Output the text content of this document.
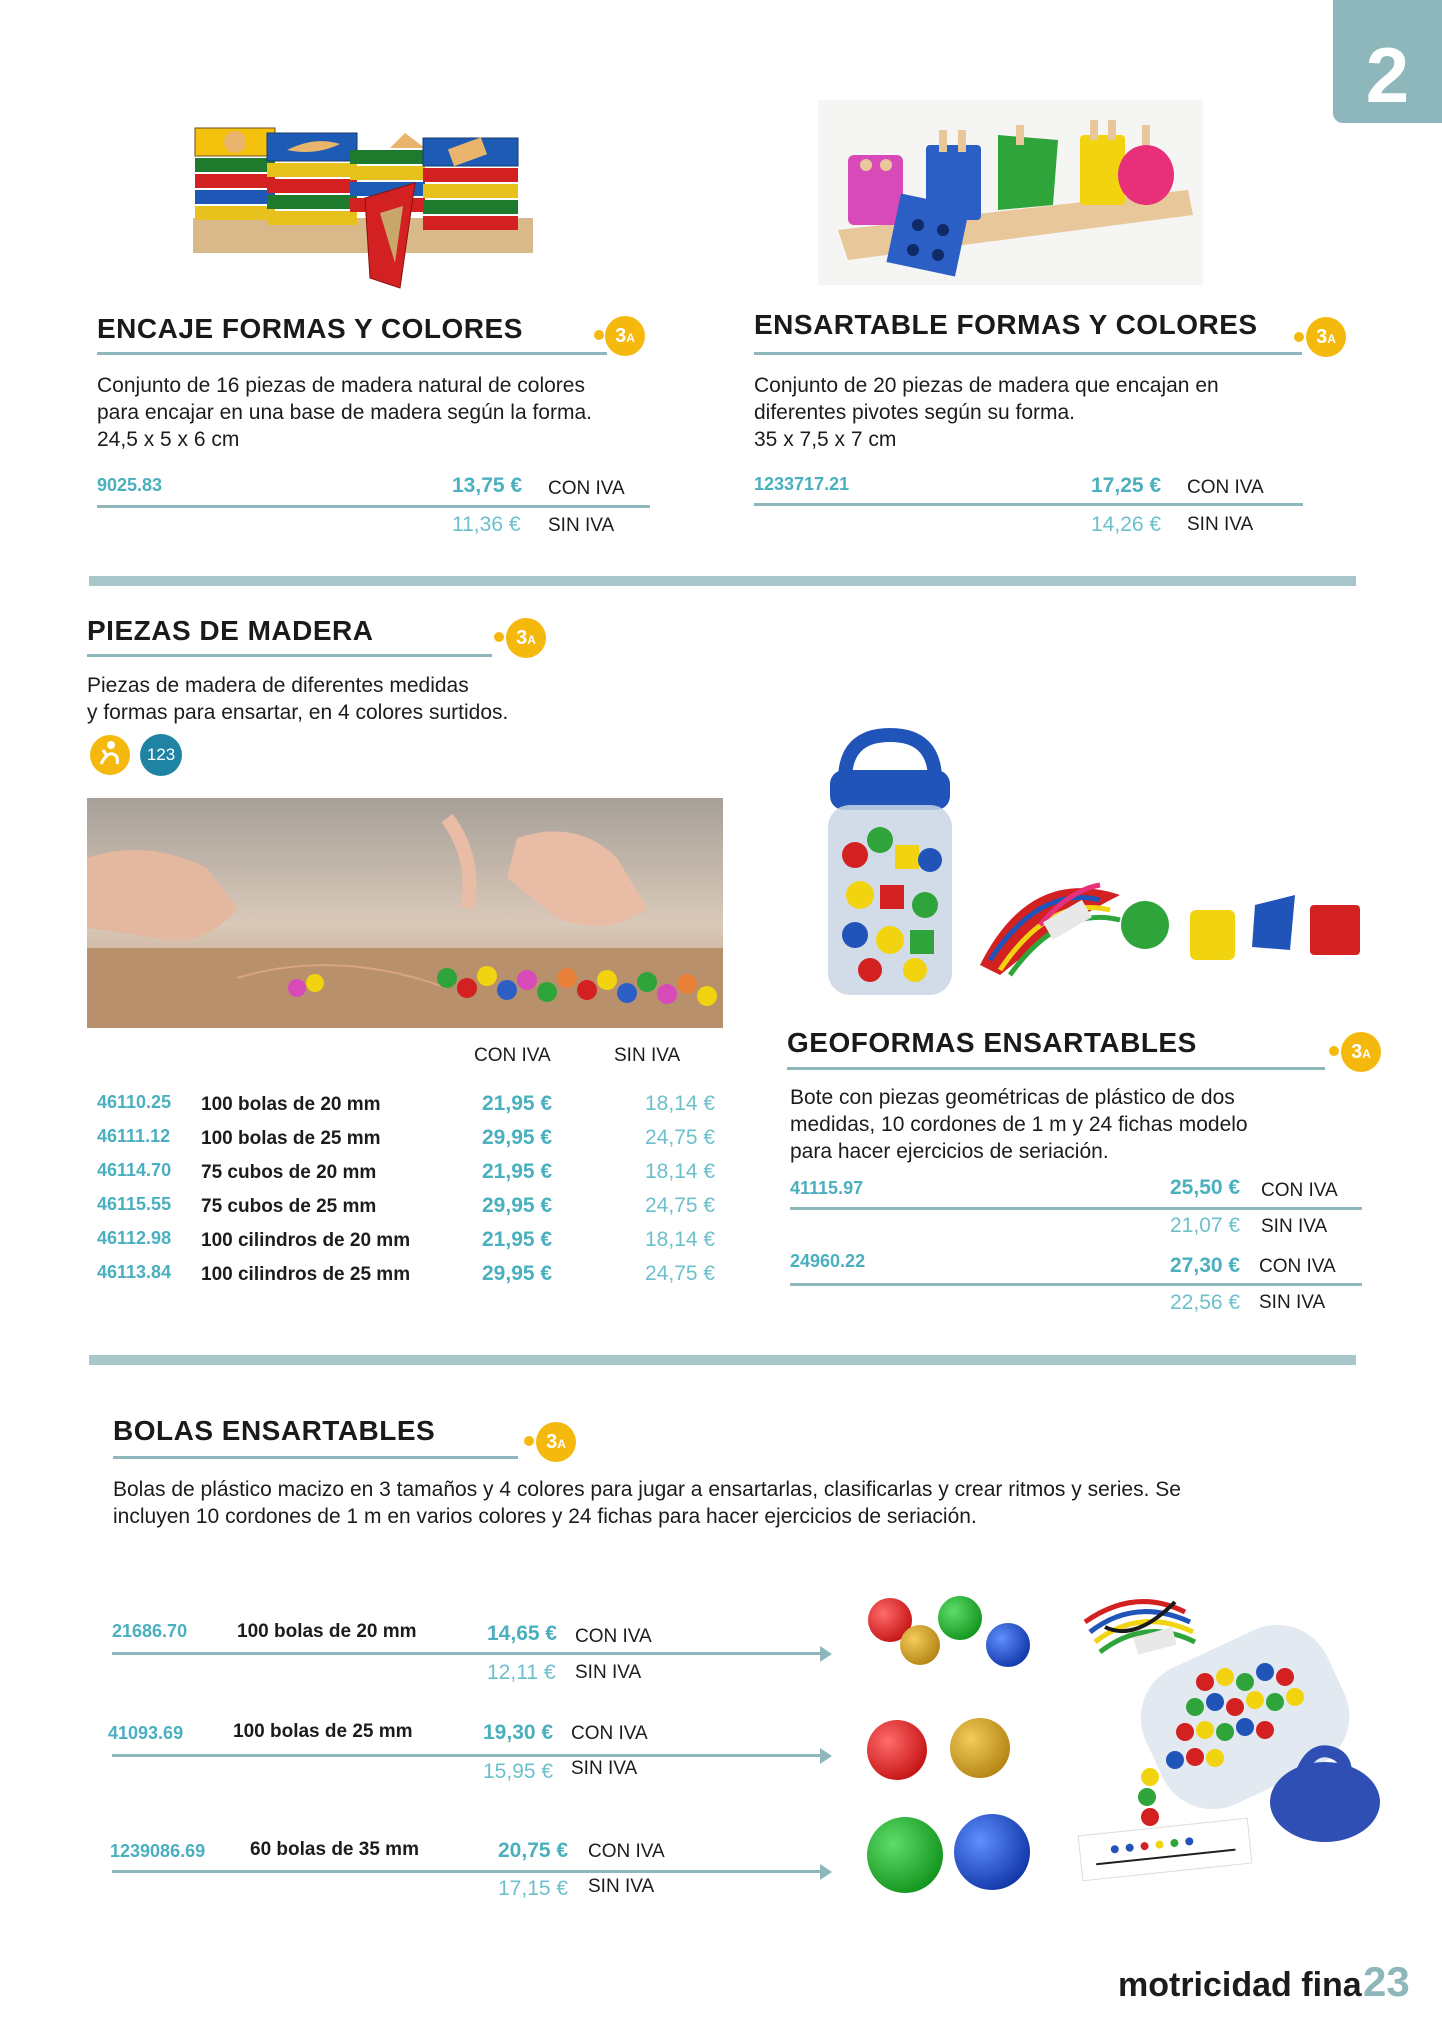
2
ENCAJE FORMAS Y COLORES	3A
Conjunto de 16 piezas de madera natural de colores
para encajar en una base de madera según la forma.
24,5 x 5 x 6 cm
9025.83	13,75 € CON IVA
11,36 € SIN IVA
ENSARTABLE FORMAS Y COLORES	3A
Conjunto de 20 piezas de madera que encajan en
diferentes pivotes según su forma.
35 x 7,5 x 7 cm
1233717.21	17,25 € CON IVA
14,26 € SIN IVA
PIEZAS DE MADERA	3A
Piezas de madera de diferentes medidas
y formas para ensartar, en 4 colores surtidos.
123
CON IVA	SIN IVA
46110.25 100 bolas de 20 mm	21,95 €	18,14 €
46111.12 100 bolas de 25 mm	29,95 €	24,75 €
46114.70 75 cubos de 20 mm	21,95 €	18,14 €
46115.55 75 cubos de 25 mm	29,95 €	24,75 €
46112.98 100 cilindros de 20 mm	21,95 €	18,14 €
46113.84 100 cilindros de 25 mm	29,95 €	24,75 €
GEOFORMAS ENSARTABLES	3A
Bote con piezas geométricas de plástico de dos
medidas, 10 cordones de 1 m y 24 fichas modelo
para hacer ejercicios de seriación.
41115.97	25,50 € CON IVA
21,07 € SIN IVA
24960.22	27,30 € CON IVA
22,56 € SIN IVA
BOLAS ENSARTABLES	3A
Bolas de plástico macizo en 3 tamaños y 4 colores para jugar a ensartarlas, clasificarlas y crear ritmos y series. Se
incluyen 10 cordones de 1 m en varios colores y 24 fichas para hacer ejercicios de seriación.
21686.70	100 bolas de 20 mm	14,65 € CON IVA
12,11 € SIN IVA
41093.69	100 bolas de 25 mm	19,30 € CON IVA
15,95 € SIN IVA
1239086.69 60 bolas de 35 mm	20,75 € CON IVA
17,15 € SIN IVA
motricidad fina 23
